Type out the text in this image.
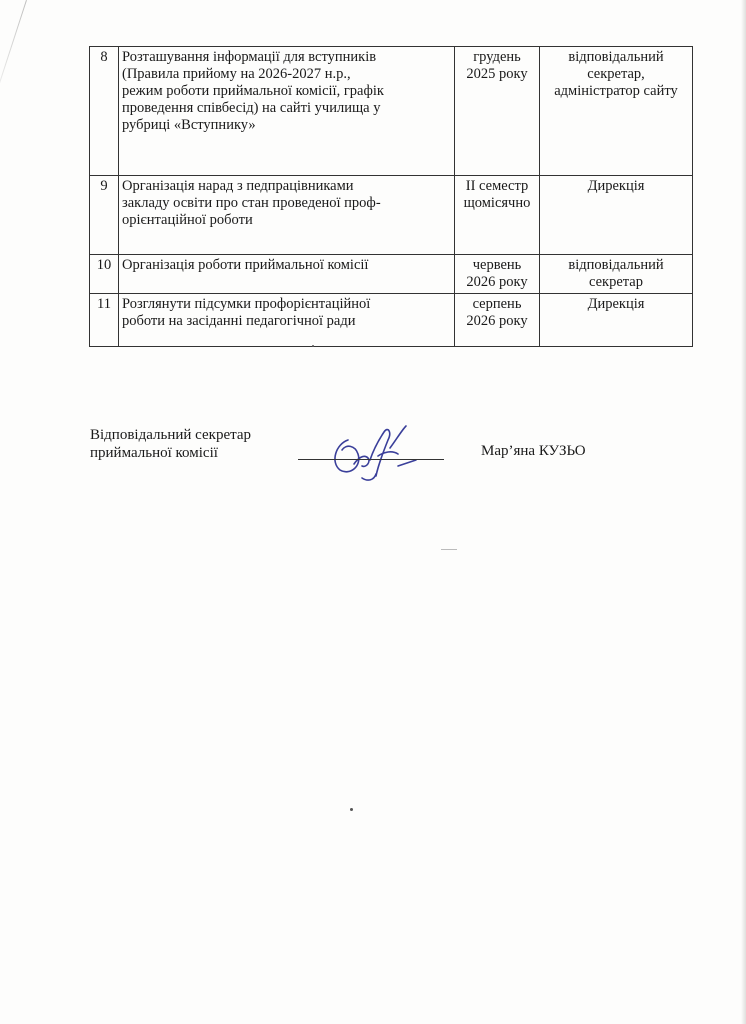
8	Розташування інформації для вступників
(Правила прийому на 2026-2027 н.р.,
режим роботи приймальної комісії, графік
проведення співбесід) на сайті училища у
рубриці «Вступнику»	грудень
2025 року	відповідальний
секретар,
адміністратор сайту

9	Організація нарад з педпрацівниками
закладу освіти про стан проведеної проф-
орієнтаційної роботи	ІІ семестр
щомісячно	Дирекція

10	Організація роботи приймальної комісії	червень
2026 року	відповідальний
секретар

11	Розглянути підсумки профорієнтаційної
роботи на засіданні педагогічної ради	серпень
2026 року	Дирекція
Відповідальний секретар
приймальної комісії	Мар’яна КУЗЬО
